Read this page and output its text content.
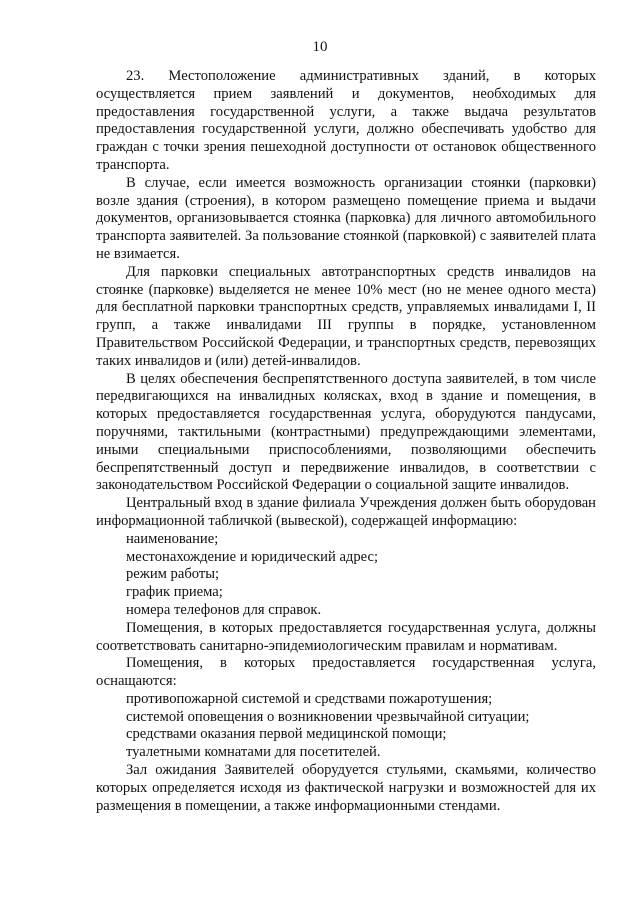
10

23. Местоположение административных зданий, в которых осуществляется прием заявлений и документов, необходимых для предоставления государственной услуги, а также выдача результатов предоставления государственной услуги, должно обеспечивать удобство для граждан с точки зрения пешеходной доступности от остановок общественного транспорта.

В случае, если имеется возможность организации стоянки (парковки) возле здания (строения), в котором размещено помещение приема и выдачи документов, организовывается стоянка (парковка) для личного автомобильного транспорта заявителей. За пользование стоянкой (парковкой) с заявителей плата не взимается.

Для парковки специальных автотранспортных средств инвалидов на стоянке (парковке) выделяется не менее 10% мест (но не менее одного места) для бесплатной парковки транспортных средств, управляемых инвалидами I, II групп, а также инвалидами III группы в порядке, установленном Правительством Российской Федерации, и транспортных средств, перевозящих таких инвалидов и (или) детей-инвалидов.

В целях обеспечения беспрепятственного доступа заявителей, в том числе передвигающихся на инвалидных колясках, вход в здание и помещения, в которых предоставляется государственная услуга, оборудуются пандусами, поручнями, тактильными (контрастными) предупреждающими элементами, иными специальными приспособлениями, позволяющими обеспечить беспрепятственный доступ и передвижение инвалидов, в соответствии с законодательством Российской Федерации о социальной защите инвалидов.

Центральный вход в здание филиала Учреждения должен быть оборудован информационной табличкой (вывеской), содержащей информацию:

наименование;

местонахождение и юридический адрес;

режим работы;

график приема;

номера телефонов для справок.

Помещения, в которых предоставляется государственная услуга, должны соответствовать санитарно-эпидемиологическим правилам и нормативам.

Помещения, в которых предоставляется государственная услуга, оснащаются:

противопожарной системой и средствами пожаротушения;

системой оповещения о возникновении чрезвычайной ситуации;

средствами оказания первой медицинской помощи;

туалетными комнатами для посетителей.

Зал ожидания Заявителей оборудуется стульями, скамьями, количество которых определяется исходя из фактической нагрузки и возможностей для их размещения в помещении, а также информационными стендами.
